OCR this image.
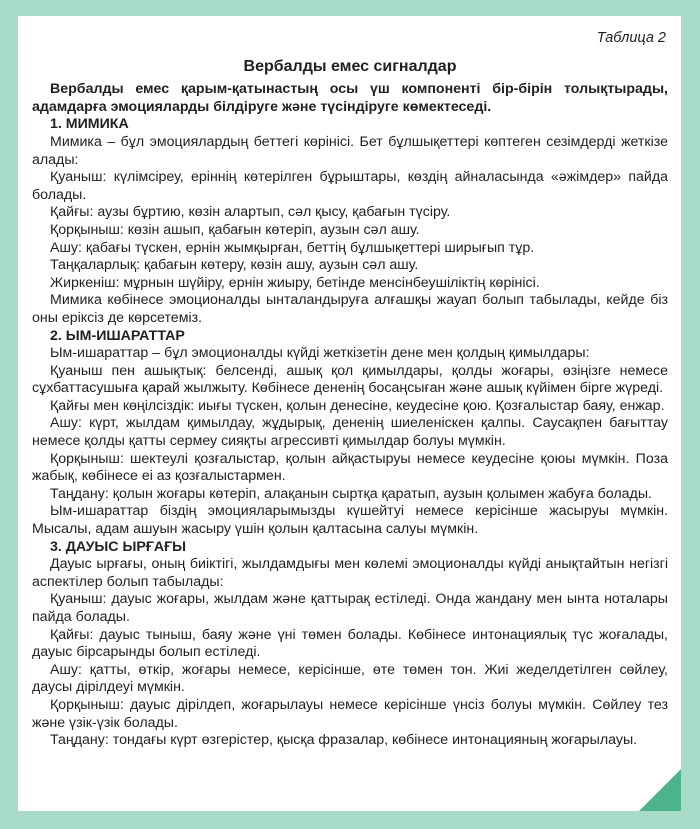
Таблица 2
Вербалды емес сигналдар

Вербалды емес қарым-қатынастың осы үш компоненті бір-бірін толықтырады, адамдарға эмоцияларды білдіруге және түсіндіруге көмектеседі.

1. МИМИКА

Мимика – бұл эмоциялардың беттегі көрінісі. Бет бұлшықеттері көптеген сезімдерді жеткізе алады:

Қуаныш: күлімсіреу, еріннің көтерілген бұрыштары, көздің айналасында «әжімдер» пайда болады.

Қайғы: аузы бұртию, көзін алартып, сәл қысу, қабағын түсіру.

Қорқыныш: көзін ашып, қабағын көтеріп, аузын сәл ашу.

Ашу: қабағы түскен, ернін жымқырған, беттің бұлшықеттері ширығып тұр.

Таңқаларлық: қабағын көтеру, көзін ашу, аузын сәл ашу.

Жиркеніш: мұрнын шүйіру, ернін жиыру, бетінде менсінбеушіліктің көрінісі.

Мимика көбінесе эмоционалды ынталандыруға алғашқы жауап болып табылады, кейде біз оны еріксіз де көрсетеміз.

2. ЫМ-ИШАРАТТАР

Ым-ишараттар – бұл эмоционалды күйді жеткізетін дене мен қолдың қимылдары:

Қуаныш пен ашықтық: белсенді, ашық қол қимылдары, қолды жоғары, өзіңізге немесе сұхбаттасушыға қарай жылжыту. Көбінесе дененің босаңсыған және ашық күйімен бірге жүреді.

Қайғы мен көңілсіздік: иығы түскен, қолын денесіне, кеудесіне қою. Қозғалыстар баяу, енжар.

Ашу: күрт, жылдам қимылдау, жұдырық, дененің шиеленіскен қалпы. Саусақпен бағыттау немесе қолды қатты сермеу сияқты агрессивті қимылдар болуы мүмкін.

Қорқыныш: шектеулі қозғалыстар, қолын айқастыруы немесе кеудесіне қоюы мүмкін. Поза жабық, көбінесе еі аз қозғалыстармен.

Таңдану: қолын жоғары көтеріп, алақанын сыртқа қаратып, аузын қолымен жабуға болады.

Ым-ишараттар біздің эмоцияларымызды күшейтуі немесе керісінше жасыруы мүмкін. Мысалы, адам ашуын жасыру үшін қолын қалтасына салуы мүмкін.

3. ДАУЫС ЫРҒАҒЫ

Дауыс ырғағы, оның биіктігі, жылдамдығы мен көлемі эмоционалды күйді анықтайтын негізгі аспектілер болып табылады:

Қуаныш: дауыс жоғары, жылдам және қаттырақ естіледі. Онда жандану мен ынта ноталары пайда болады.

Қайғы: дауыс тыныш, баяу және үні төмен болады. Көбінесе интонациялық түс жоғалады, дауыс бірсарынды болып естіледі.

Ашу: қатты, өткір, жоғары немесе, керісінше, өте төмен тон. Жиі жеделдетілген сөйлеу, даусы дірілдеуі мүмкін.

Қорқыныш: дауыс дірілдеп, жоғарылауы немесе керісінше үнсіз болуы мүмкін. Сөйлеу тез және үзік-үзік болады.

Таңдану: тондағы күрт өзгерістер, қысқа фразалар, көбінесе интонацияның жоғарылауы.
